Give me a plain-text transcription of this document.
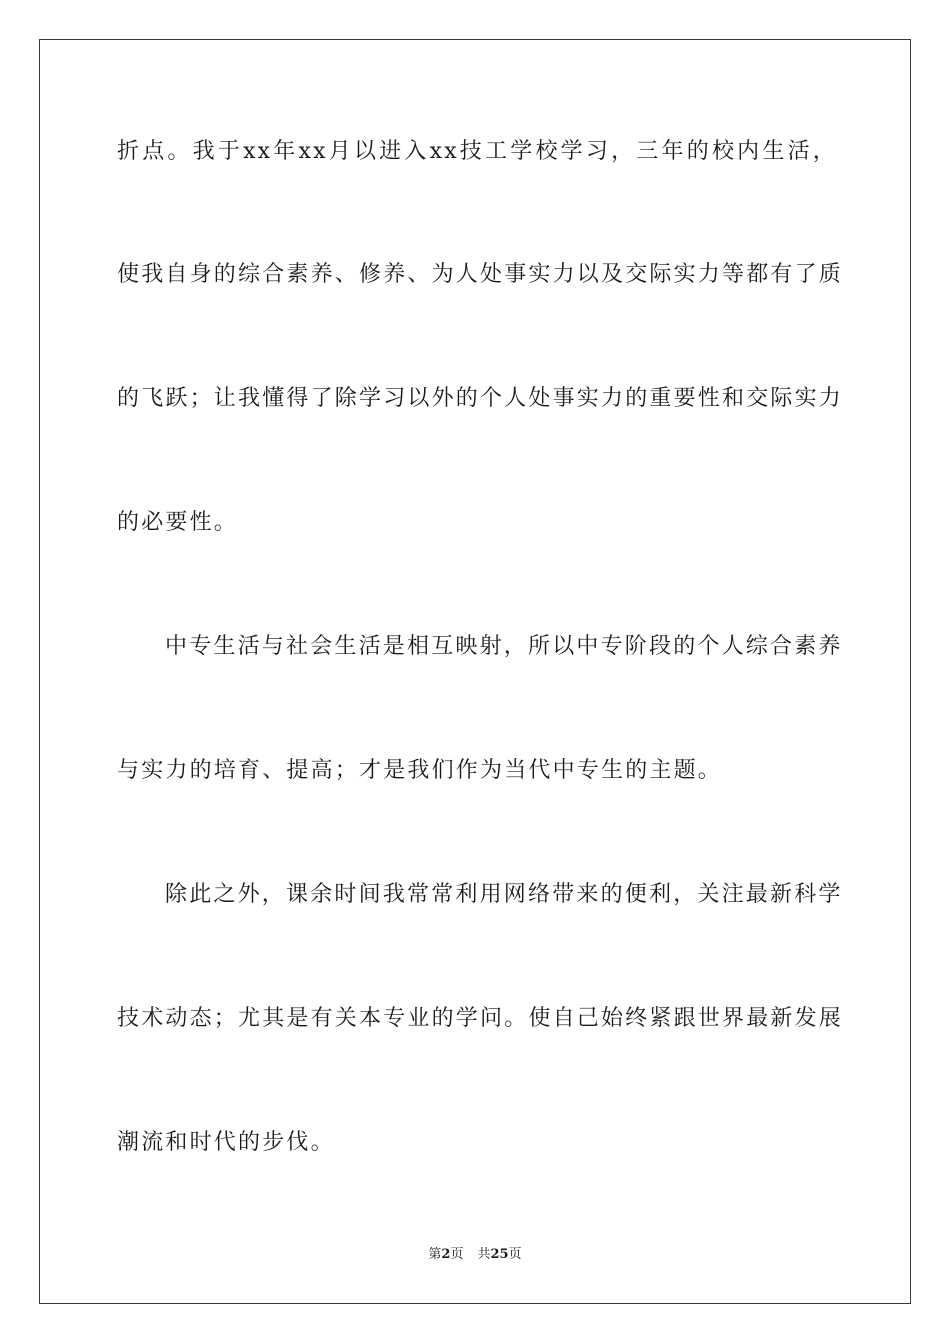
折点。我于xx年xx月以进入xx技工学校学习，三年的校内生活，
使我自身的综合素养、修养、为人处事实力以及交际实力等都有了质
的飞跃；让我懂得了除学习以外的个人处事实力的重要性和交际实力
的必要性。
中专生活与社会生活是相互映射，所以中专阶段的个人综合素养
与实力的培育、提高；才是我们作为当代中专生的主题。
除此之外，课余时间我常常利用网络带来的便利，关注最新科学
技术动态；尤其是有关本专业的学问。使自己始终紧跟世界最新发展
潮流和时代的步伐。
第2页 共25页
